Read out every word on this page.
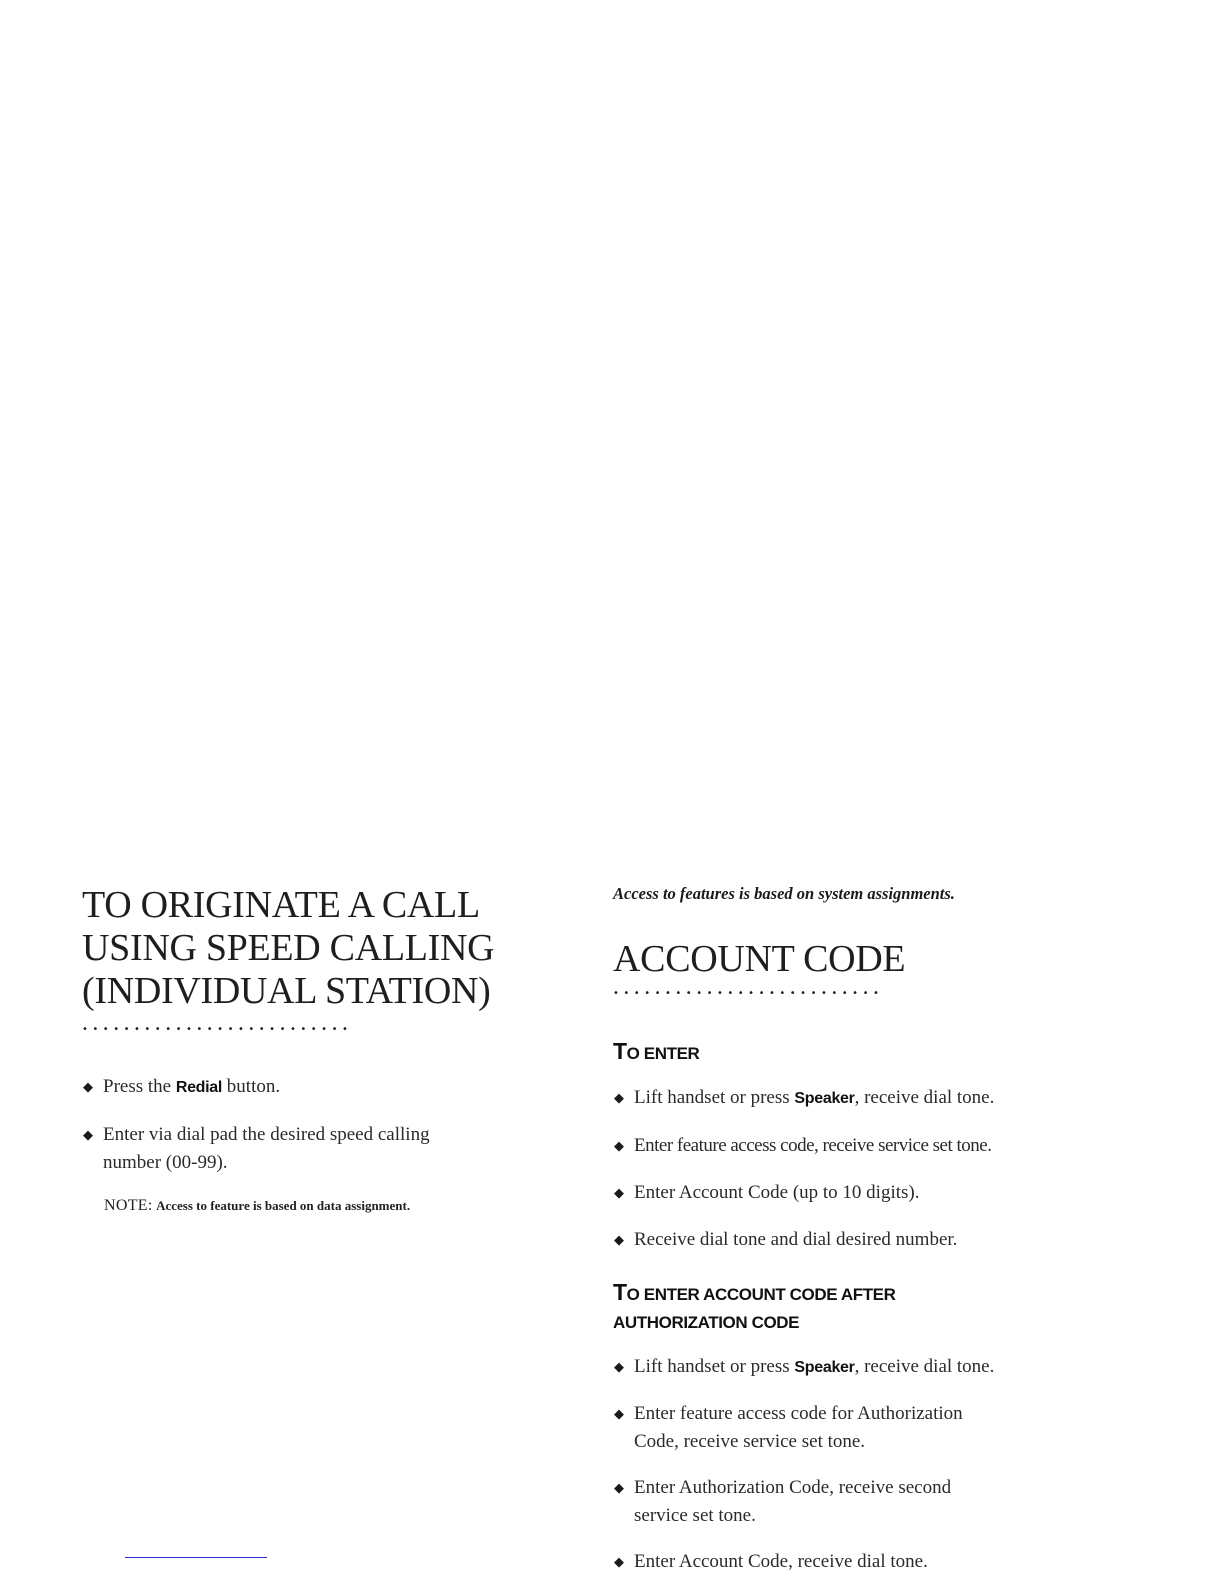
TO ORIGINATE A CALL
USING SPEED CALLING
(INDIVIDUAL STATION)
••••••••••••••••••••••••••
◆ Press the Redial button.
◆ Enter via dial pad the desired speed calling
number (00-99).
NOTE: Access to feature is based on data assignment.
Access to features is based on system assignments.
ACCOUNT CODE
••••••••••••••••••••••••••
TO ENTER
◆ Lift handset or press Speaker, receive dial tone.
◆ Enter feature access code, receive service set tone.
◆ Enter Account Code (up to 10 digits).
◆ Receive dial tone and dial desired number.
TO ENTER ACCOUNT CODE AFTER
AUTHORIZATION CODE
◆ Lift handset or press Speaker, receive dial tone.
◆ Enter feature access code for Authorization
Code, receive service set tone.
◆ Enter Authorization Code, receive second
service set tone.
◆ Enter Account Code, receive dial tone.
